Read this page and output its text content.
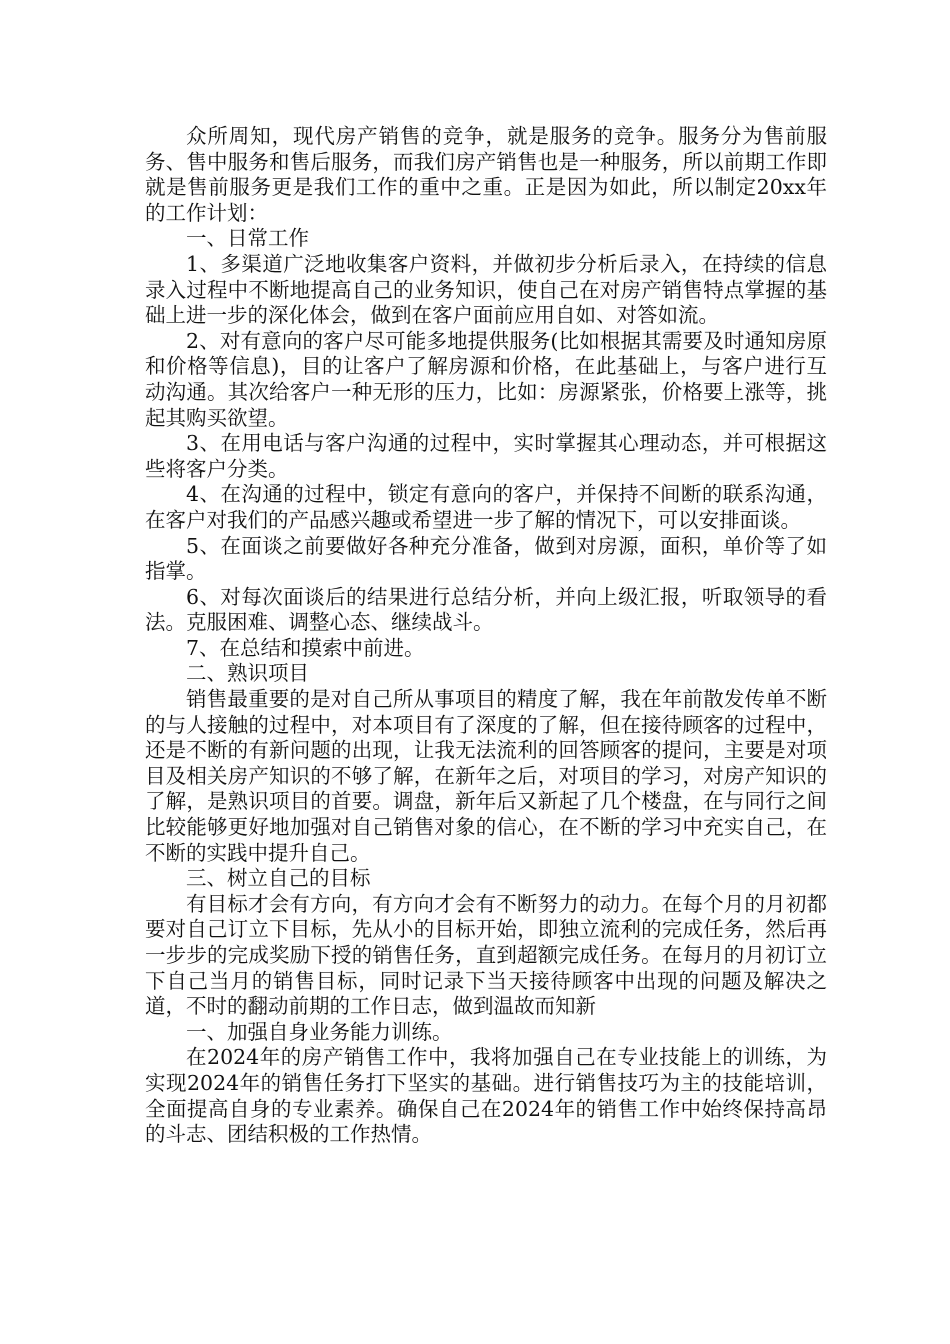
众所周知，现代房产销售的竞争，就是服务的竞争。服务分为售前服务、售中服务和售后服务，而我们房产销售也是一种服务，所以前期工作即就是售前服务更是我们工作的重中之重。正是因为如此，所以制定20xx年的工作计划：

一、日常工作

1、多渠道广泛地收集客户资料，并做初步分析后录入，在持续的信息录入过程中不断地提高自己的业务知识，使自己在对房产销售特点掌握的基础上进一步的深化体会，做到在客户面前应用自如、对答如流。

2、对有意向的客户尽可能多地提供服务(比如根据其需要及时通知房原和价格等信息)，目的让客户了解房源和价格，在此基础上，与客户进行互动沟通。其次给客户一种无形的压力，比如：房源紧张，价格要上涨等，挑起其购买欲望。

3、在用电话与客户沟通的过程中，实时掌握其心理动态，并可根据这些将客户分类。

4、在沟通的过程中，锁定有意向的客户，并保持不间断的联系沟通，在客户对我们的产品感兴趣或希望进一步了解的情况下，可以安排面谈。

5、在面谈之前要做好各种充分准备，做到对房源，面积，单价等了如指掌。

6、对每次面谈后的结果进行总结分析，并向上级汇报，听取领导的看法。克服困难、调整心态、继续战斗。

7、在总结和摸索中前进。

二、熟识项目

销售最重要的是对自己所从事项目的精度了解，我在年前散发传单不断的与人接触的过程中，对本项目有了深度的了解，但在接待顾客的过程中，还是不断的有新问题的出现，让我无法流利的回答顾客的提问，主要是对项目及相关房产知识的不够了解，在新年之后，对项目的学习，对房产知识的了解，是熟识项目的首要。调盘，新年后又新起了几个楼盘，在与同行之间比较能够更好地加强对自己销售对象的信心，在不断的学习中充实自己，在不断的实践中提升自己。

三、树立自己的目标

有目标才会有方向，有方向才会有不断努力的动力。在每个月的月初都要对自己订立下目标，先从小的目标开始，即独立流利的完成任务，然后再一步步的完成奖励下授的销售任务，直到超额完成任务。在每月的月初订立下自己当月的销售目标，同时记录下当天接待顾客中出现的问题及解决之道，不时的翻动前期的工作日志，做到温故而知新

一、加强自身业务能力训练。

在2024年的房产销售工作中，我将加强自己在专业技能上的训练，为实现2024年的销售任务打下坚实的基础。进行销售技巧为主的技能培训，全面提高自身的专业素养。确保自己在2024年的销售工作中始终保持高昂的斗志、团结积极的工作热情。
